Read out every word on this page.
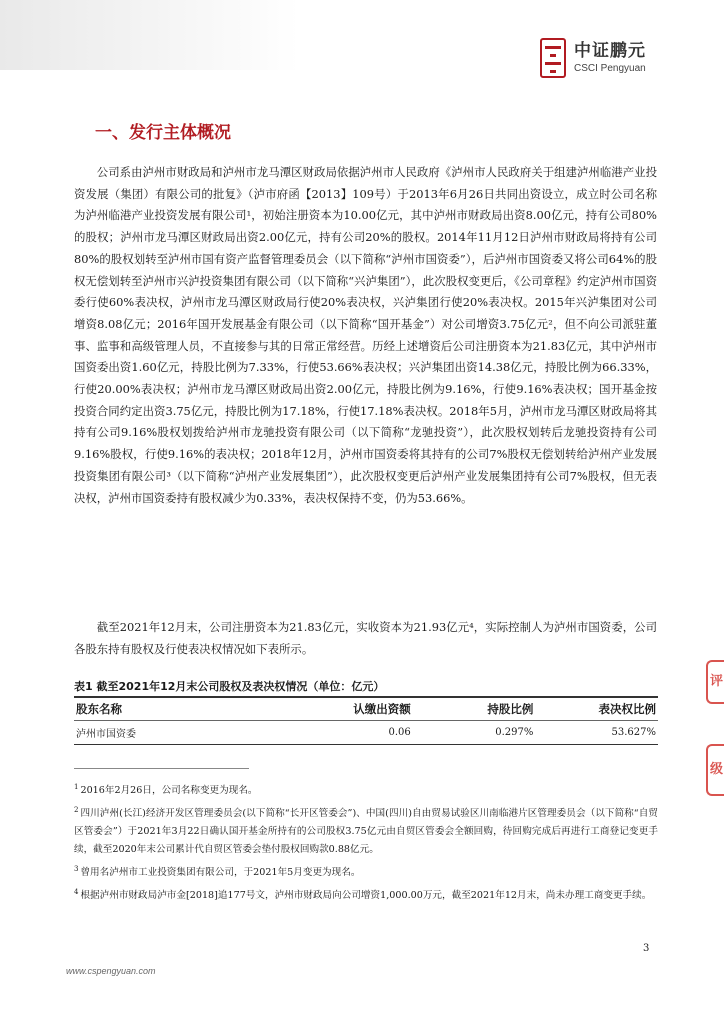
中证鹏元
CSCI Pengyuan
一、发行主体概况

公司系由泸州市财政局和泸州市龙马潭区财政局依据泸州市人民政府《泸州市人民政府关于组建泸州临港产业投资发展（集团）有限公司的批复》（泸市府函【2013】109号）于2013年6月26日共同出资设立，成立时公司名称为泸州临港产业投资发展有限公司¹，初始注册资本为10.00亿元，其中泸州市财政局出资8.00亿元，持有公司80%的股权；泸州市龙马潭区财政局出资2.00亿元，持有公司20%的股权。2014年11月12日泸州市财政局将持有公司80%的股权划转至泸州市国有资产监督管理委员会（以下简称“泸州市国资委”），后泸州市国资委又将公司64%的股权无偿划转至泸州市兴泸投资集团有限公司（以下简称“兴泸集团”），此次股权变更后，《公司章程》约定泸州市国资委行使60%表决权，泸州市龙马潭区财政局行使20%表决权，兴泸集团行使20%表决权。2015年兴泸集团对公司增资8.08亿元；2016年国开发展基金有限公司（以下简称“国开基金”）对公司增资3.75亿元²，但不向公司派驻董事、监事和高级管理人员，不直接参与其的日常正常经营。历经上述增资后公司注册资本为21.83亿元，其中泸州市国资委出资1.60亿元，持股比例为7.33%，行使53.66%表决权；兴泸集团出资14.38亿元，持股比例为66.33%，行使20.00%表决权；泸州市龙马潭区财政局出资2.00亿元，持股比例为9.16%，行使9.16%表决权；国开基金按投资合同约定出资3.75亿元，持股比例为17.18%，行使17.18%表决权。2018年5月，泸州市龙马潭区财政局将其持有公司9.16%股权划拨给泸州市龙驰投资有限公司（以下简称“龙驰投资”），此次股权划转后龙驰投资持有公司9.16%股权，行使9.16%的表决权；2018年12月，泸州市国资委将其持有的公司7%股权无偿划转给泸州产业发展投资集团有限公司³（以下简称“泸州产业发展集团”），此次股权变更后泸州产业发展集团持有公司7%股权，但无表决权，泸州市国资委持有股权减少为0.33%，表决权保持不变，仍为53.66%。

截至2021年12月末，公司注册资本为21.83亿元，实收资本为21.93亿元⁴，实际控制人为泸州市国资委，公司各股东持有股权及行使表决权情况如下表所示。

表1 截至2021年12月末公司股权及表决权情况（单位：亿元）
股东名称	认缴出资额	持股比例	表决权比例
泸州市国资委	0.06	0.297%	53.627%

$^1$ 2016年2月26日，公司名称变更为现名。

$^2$ 四川泸州(长江)经济开发区管理委员会(以下简称“长开区管委会”)、中国(四川)自由贸易试验区川南临港片区管理委员会（以下简称“自贸区管委会”）于2021年3月22日确认国开基金所持有的公司股权3.75亿元由自贸区管委会全额回购，待回购完成后再进行工商登记变更手续，截至2020年末公司累计代自贸区管委会垫付股权回购款0.88亿元。

$^3$ 曾用名泸州市工业投资集团有限公司，于2021年5月变更为现名。

$^4$ 根据泸州市财政局泸市金[2018]追177号文，泸州市财政局向公司增资1,000.00万元，截至2021年12月末，尚未办理工商变更手续。

3
www.cspengyuan.com
评
级
